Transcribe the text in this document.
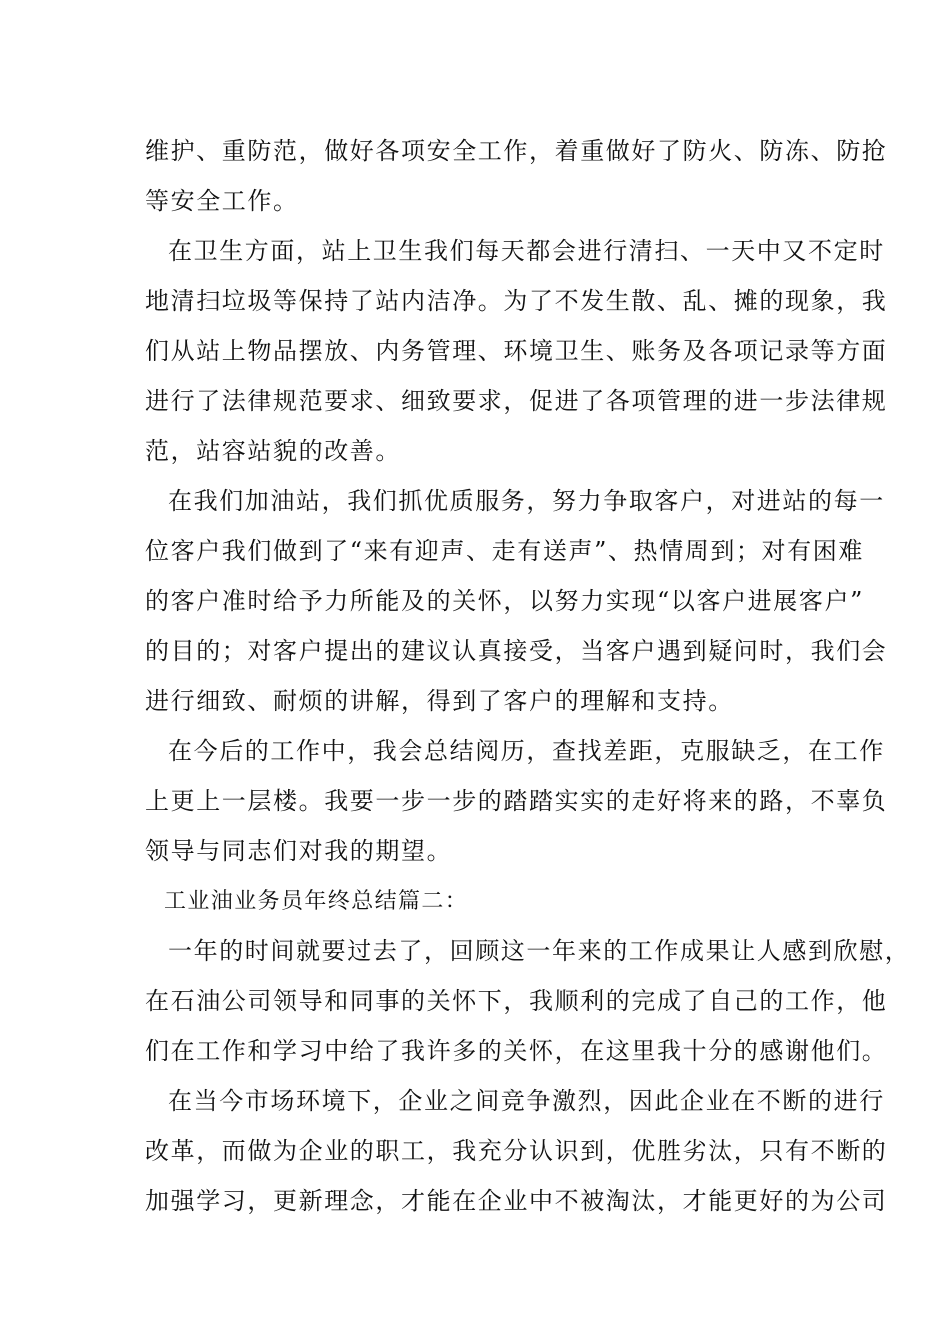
维护、重防范，做好各项安全工作，着重做好了防火、防冻、防抢
等安全工作。
在卫生方面，站上卫生我们每天都会进行清扫、一天中又不定时
地清扫垃圾等保持了站内洁净。为了不发生散、乱、摊的现象，我
们从站上物品摆放、内务管理、环境卫生、账务及各项记录等方面
进行了法律规范要求、细致要求，促进了各项管理的进一步法律规
范，站容站貌的改善。
在我们加油站，我们抓优质服务，努力争取客户，对进站的每一
位客户我们做到了“来有迎声、走有送声”、热情周到；对有困难
的客户准时给予力所能及的关怀，以努力实现“以客户进展客户”
的目的；对客户提出的建议认真接受，当客户遇到疑问时，我们会
进行细致、耐烦的讲解，得到了客户的理解和支持。
在今后的工作中，我会总结阅历，查找差距，克服缺乏，在工作
上更上一层楼。我要一步一步的踏踏实实的走好将来的路，不辜负
领导与同志们对我的期望。
工业油业务员年终总结篇二：
一年的时间就要过去了，回顾这一年来的工作成果让人感到欣慰，
在石油公司领导和同事的关怀下，我顺利的完成了自己的工作，他
们在工作和学习中给了我许多的关怀，在这里我十分的感谢他们。
在当今市场环境下，企业之间竞争激烈，因此企业在不断的进行
改革，而做为企业的职工，我充分认识到，优胜劣汰，只有不断的
加强学习，更新理念，才能在企业中不被淘汰，才能更好的为公司
